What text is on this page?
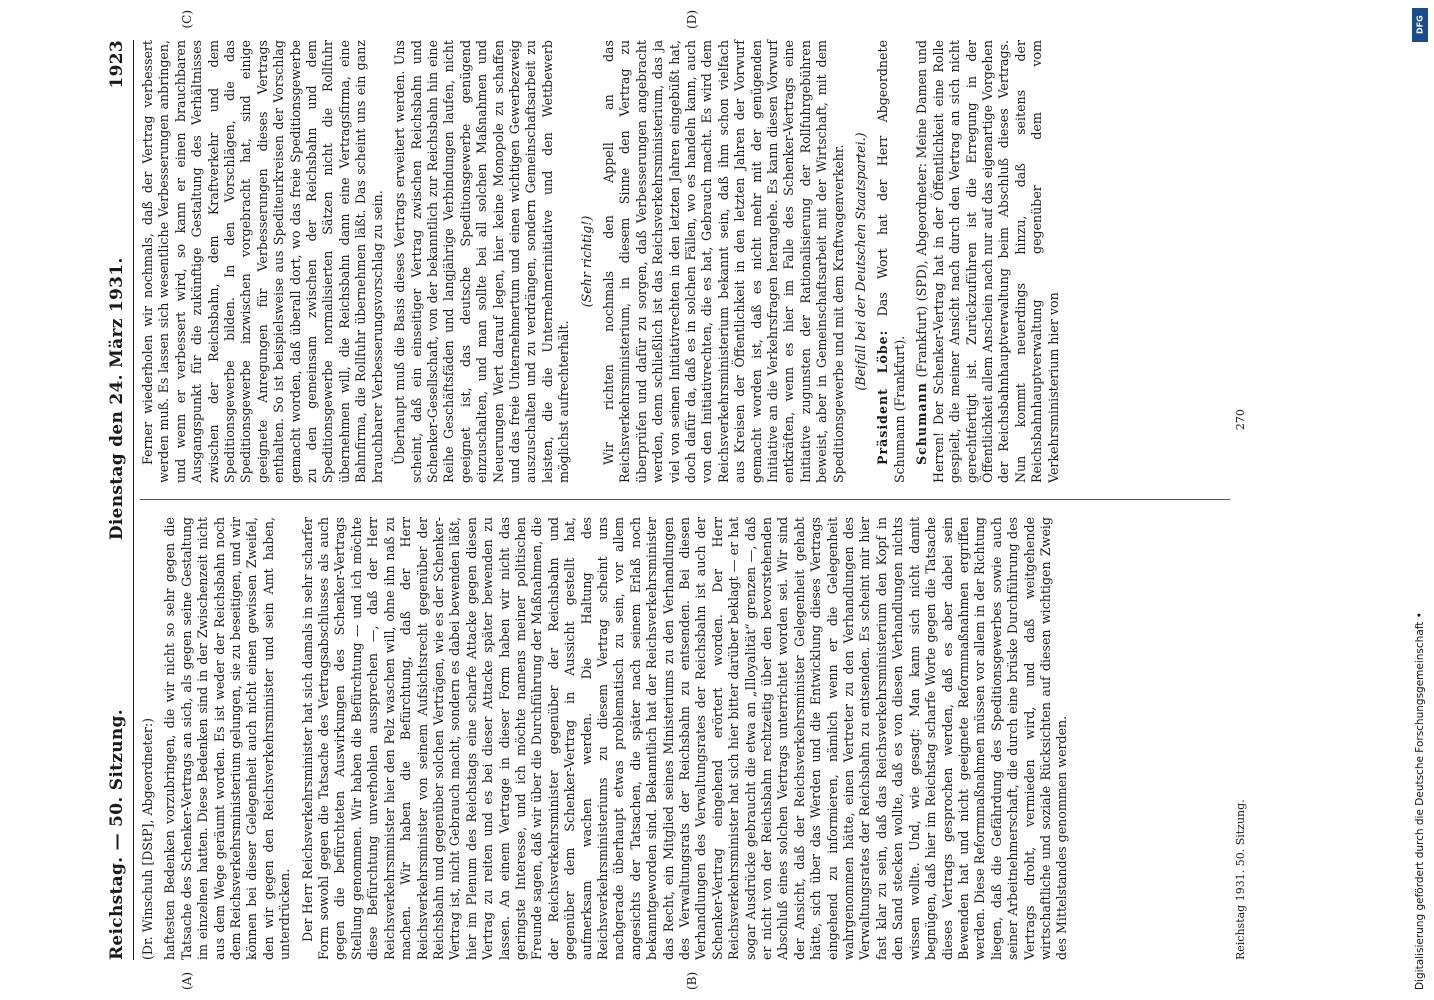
Reichstag. — 50. Sitzung.
Dienstag den 24. März 1931.
1923
(A)	(B)
(C)	(D)

(Dr. Winschuh [DStP], Abgeordneter:) haftesten Bedenken vorzubringen, die wir nicht so sehr gegen die Tatsache des Schenker-Vertrags an sich, als gegen seine Gestaltung im einzelnen hatten. Diese Bedenken sind in der Zwischenzeit nicht aus dem Wege geräumt worden. Es ist weder der Reichsbahn noch dem Reichsverkehrsministerium gelungen, sie zu beseitigen, und wir können bei dieser Gelegenheit auch nicht einen gewissen Zweifel, den wir gegen den Reichsverkehrsminister und sein Amt haben, unterdrücken. Der Herr Reichsverkehrsminister hat sich damals in sehr scharfer Form sowohl gegen die Tatsache des Vertragsabschlusses als auch gegen die befürchteten Auswirkungen des Schenker-Vertrags Stellung genommen. Wir haben die Befürchtung — und ich möchte diese Befürchtung unverhohlen aussprechen —, daß der Herr Reichsverkehrsminister hier den Pelz waschen will, ohne ihn naß zu machen. Wir haben die Befürchtung, daß der Herr Reichsverkehrsminister von seinem Aufsichtsrecht gegenüber der Reichsbahn und gegenüber solchen Verträgen, wie es der Schenker-Vertrag ist, nicht Gebrauch macht, sondern es dabei bewenden läßt, hier im Plenum des Reichstags eine scharfe Attacke gegen diesen Vertrag zu reiten und es bei dieser Attacke später bewenden zu lassen. An einem Vertrage in dieser Form haben wir nicht das geringste Interesse, und ich möchte namens meiner politischen Freunde sagen, daß wir über die Durchführung der Maßnahmen, die der Reichsverkehrsminister gegenüber der Reichsbahn und gegenüber dem Schenker-Vertrag in Aussicht gestellt hat, aufmerksam wachen werden. Die Haltung des Reichsverkehrsministeriums zu diesem Vertrag scheint uns nachgerade überhaupt etwas problematisch zu sein, vor allem angesichts der Tatsachen, die später nach seinem Erlaß noch bekanntgeworden sind. Bekanntlich hat der Reichsverkehrsminister das Recht, ein Mitglied seines Ministeriums zu den Verhandlungen des Verwaltungsrats der Reichsbahn zu entsenden. Bei diesen Verhandlungen des Verwaltungsrates der Reichsbahn ist auch der Schenker-Vertrag eingehend erörtert worden. Der Herr Reichsverkehrsminister hat sich hier bitter darüber beklagt — er hat sogar Ausdrücke gebraucht die etwa an „Illoyalität“ grenzen —, daß er nicht von der Reichsbahn rechtzeitig über den bevorstehenden Abschluß eines solchen Vertrags unterrichtet worden sei. Wir sind der Ansicht, daß der Reichsverkehrsminister Gelegenheit gehabt hätte, sich über das Werden und die Entwicklung dieses Vertrags eingehend zu informieren, nämlich wenn er die Gelegenheit wahrgenommen hätte, einen Vertreter zu den Verhandlungen des Verwaltungsrates der Reichsbahn zu entsenden. Es scheint mir hier fast klar zu sein, daß das Reichsverkehrsministerium den Kopf in den Sand stecken wollte, daß es von diesen Verhandlungen nichts wissen wollte. Und, wie gesagt: Man kann sich nicht damit begnügen, daß hier im Reichstag scharfe Worte gegen die Tatsache dieses Vertrags gesprochen werden, daß es aber dabei sein Bewenden hat und nicht geeignete Reformmaßnahmen ergriffen werden. Diese Reformmaßnahmen müssen vor allem in der Richtung liegen, daß die Gefährdung des Speditionsgewerbes sowie auch seiner Arbeitnehmerschaft, die durch eine brüske Durchführung des Vertrags droht, vermieden wird, und daß weitgehende wirtschaftliche und soziale Rücksichten auf diesen wichtigen Zweig des Mittelstandes genommen werden.

Ferner wiederholen wir nochmals, daß der Vertrag verbessert werden muß. Es lassen sich wesentliche Verbesserungen anbringen, und wenn er verbessert wird, so kann er einen brauchbaren Ausgangspunkt für die zukünftige Gestaltung des Verhältnisses zwischen der Reichsbahn, dem Kraftverkehr und dem Speditionsgewerbe bilden. In den Vorschlägen, die das Speditionsgewerbe inzwischen vorgebracht hat, sind einige geeignete Anregungen für Verbesserungen dieses Vertrags enthalten. So ist beispielsweise aus Spediteurkreisen der Vorschlag gemacht worden, daß überall dort, wo das freie Speditionsgewerbe zu den gemeinsam zwischen der Reichsbahn und dem Speditionsgewerbe normalisierten Sätzen nicht die Rollfuhr übernehmen will, die Reichsbahn dann eine Vertragsfirma, eine Bahnfirma, die Rollfuhr übernehmen läßt. Das scheint uns ein ganz brauchbarer Verbesserungsvorschlag zu sein. Überhaupt muß die Basis dieses Vertrags erweitert werden. Uns scheint, daß ein einseitiger Vertrag zwischen Reichsbahn und Schenker-Gesellschaft, von der bekanntlich zur Reichsbahn hin eine Reihe Geschäftsfäden und langjährige Verbindungen laufen, nicht geeignet ist, das deutsche Speditionsgewerbe genügend einzuschalten, und man sollte bei all solchen Maßnahmen und Neuerungen Wert darauf legen, hier keine Monopole zu schaffen und das freie Unternehmertum und einen wichtigen Gewerbezweig auszuschalten und zu verdrängen, sondern Gemeinschaftsarbeit zu leisten, die die Unternehmerinitiative und den Wettbewerb möglichst aufrechterhält.

(Sehr richtig!) Wir richten nochmals den Appell an das Reichsverkehrsministerium, in diesem Sinne den Vertrag zu überprüfen und dafür zu sorgen, daß Verbesserungen angebracht werden, denn schließlich ist das Reichsverkehrsministerium, das ja viel von seinen Initiativrechten in den letzten Jahren eingebüßt hat, doch dafür da, daß es in solchen Fällen, wo es handeln kann, auch von den Initiativrechten, die es hat, Gebrauch macht. Es wird dem Reichsverkehrsministerium bekannt sein, daß ihm schon vielfach aus Kreisen der Öffentlichkeit in den letzten Jahren der Vorwurf gemacht worden ist, daß es nicht mehr mit der genügenden Initiative an die Verkehrsfragen herangehe. Es kann diesen Vorwurf entkräften, wenn es hier im Falle des Schenker-Vertrags eine Initiative zugunsten der Rationalisierung der Rollfuhrgebühren beweist, aber in Gemeinschaftsarbeit mit der Wirtschaft, mit dem Speditionsgewerbe und mit dem Kraftwagenverkehr. (Beifall bei der Deutschen Staatspartei.)

Präsident Löbe: Das Wort hat der Herr Abgeordnete Schumann (Frankfurt). Schumann (Frankfurt) (SPD), Abgeordneter: Meine Damen und Herren! Der Schenker-Vertrag hat in der Öffentlichkeit eine Rolle gespielt, die meiner Ansicht nach durch den Vertrag an sich nicht gerechtfertigt ist. Zurückzuführen ist die Erregung in der Öffentlichkeit allem Anschein nach nur auf das eigenartige Vorgehen der Reichsbahnhauptverwaltung beim Abschluß dieses Vertrags. Nun kommt neuerdings hinzu, daß seitens der Reichsbahnhauptverwaltung gegenüber dem vom Verkehrsministerium hier von

Reichstag 1931. 50. Sitzung.
270
DFG
Digitalisierung gefördert durch die Deutsche Forschungsgemeinschaft •
